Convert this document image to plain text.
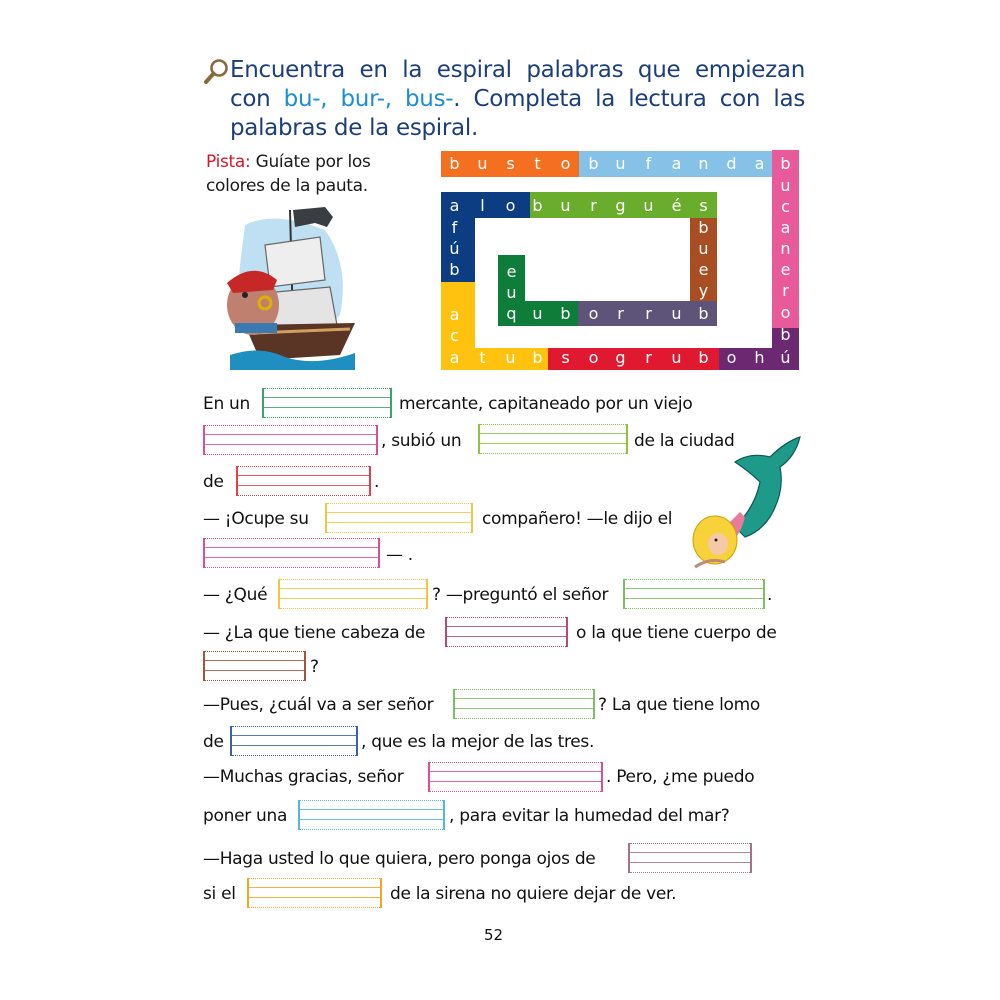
Encuentra en la espiral palabras que empiezan con bu-, bur-, bus-. Completa la lectura con las palabras de la espiral.
Pista: Guíate por los
colores de la pauta.
b	u	s	t	o	b	u	f	a	n	d	a	b
u
c
a
n
e
r
o
b
a	t	u	b	s	o	g	r	u	b	o	h ú
c
a
b
ú
f
a	l	o	b	u	r	g	u	é	s
b
u
e
y
q u	b	o	r	r	u	b
u
e
En un	mercante, capitaneado por un viejo
, subió un	de la ciudad
de	.
— ¡Ocupe su	compañero! —le dijo el
— .
— ¿Qué	? —preguntó el señor	.
— ¿La que tiene cabeza de	o la que tiene cuerpo de
?
—Pues, ¿cuál va a ser señor	? La que tiene lomo
de	, que es la mejor de las tres.
—Muchas gracias, señor	. Pero, ¿me puedo
poner una	, para evitar la humedad del mar?
—Haga usted lo que quiera, pero ponga ojos de
si el	de la sirena no quiere dejar de ver.
52
